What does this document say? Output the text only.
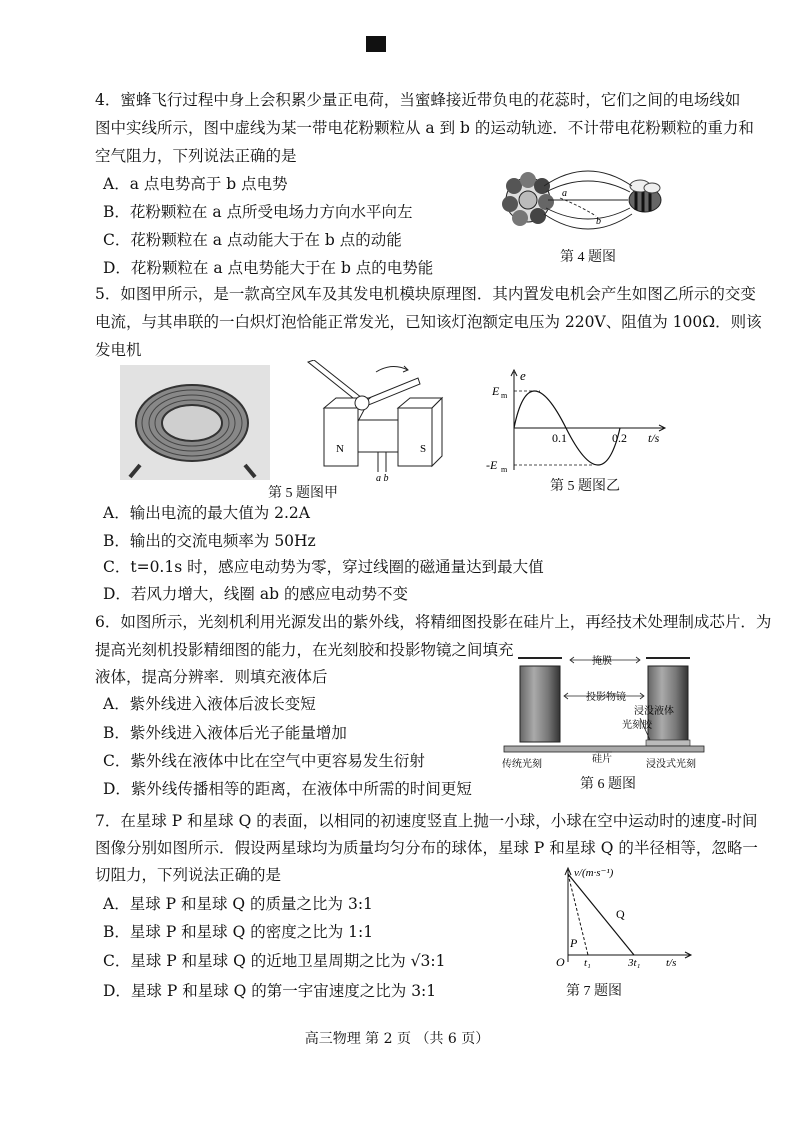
4．蜜蜂飞行过程中身上会积累少量正电荷，当蜜蜂接近带负电的花蕊时，它们之间的电场线如
图中实线所示，图中虚线为某一带电花粉颗粒从 a 到 b 的运动轨迹．不计带电花粉颗粒的重力和
空气阻力，下列说法正确的是
A．a 点电势高于 b 点电势
B．花粉颗粒在 a 点所受电场力方向水平向左
C．花粉颗粒在 a 点动能大于在 b 点的动能
D．花粉颗粒在 a 点电势能大于在 b 点的电势能
a
b
第 4 题图
5．如图甲所示，是一款高空风车及其发电机模块原理图．其内置发电机会产生如图乙所示的交变
电流，与其串联的一白炽灯泡恰能正常发光，已知该灯泡额定电压为 220V、阻值为 100Ω．则该
发电机
N	S
a b
e
E m
-E m
0.1	0.2 t/s
第 5 题图甲	第 5 题图乙
A．输出电流的最大值为 2.2A
B．输出的交流电频率为 50Hz
C．t=0.1s 时，感应电动势为零，穿过线圈的磁通量达到最大值
D．若风力增大，线圈 ab 的感应电动势不变
6．如图所示，光刻机利用光源发出的紫外线，将精细图投影在硅片上，再经技术处理制成芯片．为
提高光刻机投影精细图的能力，在光刻胶和投影物镜之间填充
液体，提高分辨率．则填充液体后
A．紫外线进入液体后波长变短
B．紫外线进入液体后光子能量增加
C．紫外线在液体中比在空气中更容易发生衍射
D．紫外线传播相等的距离，在液体中所需的时间更短
掩膜
投影物镜
浸没液体
光刻胶
硅片
传统光刻	浸没式光刻
第 6 题图
7．在星球 P 和星球 Q 的表面，以相同的初速度竖直上抛一小球，小球在空中运动时的速度-时间
图像分别如图所示．假设两星球均为质量均匀分布的球体，星球 P 和星球 Q 的半径相等，忽略一
切阻力，下列说法正确的是
A．星球 P 和星球 Q 的质量之比为 3:1
B．星球 P 和星球 Q 的密度之比为 1:1
C．星球 P 和星球 Q 的近地卫星周期之比为 √3:1
D．星球 P 和星球 Q 的第一宇宙速度之比为 3:1
v/(m·s⁻¹)
Q
P
O t₁	3t₁ t/s
第 7 题图
高三物理 第 2 页 （共 6 页）
